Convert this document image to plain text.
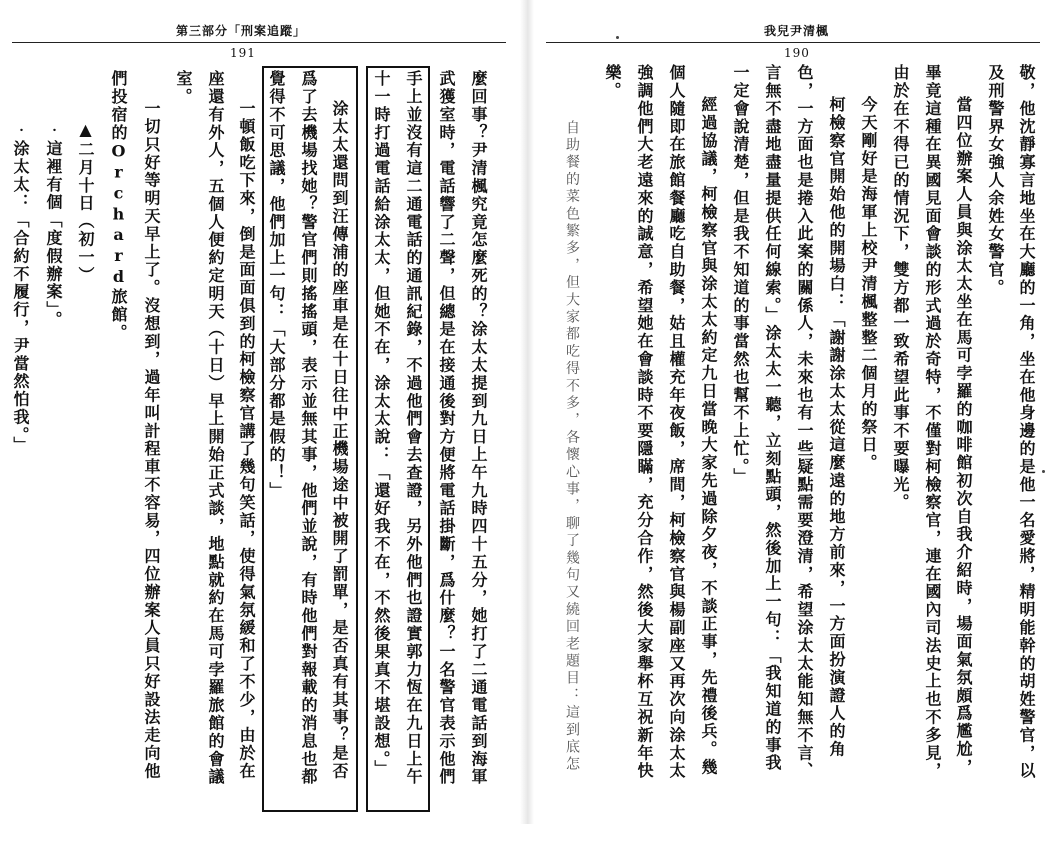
第三部分「刑案追蹤」
191
麼回事？尹清楓究竟怎麼死的？涂太太提到九日上午九時四十五分，她打了二通電話到海軍
武獲室時，電話響了二聲，但總是在接通後對方便將電話掛斷，爲什麼？一名警官表示他們
手上並沒有這二通電話的通訊紀錄，不過他們會去查證，另外他們也證實郭力恆在九日上午
十一時打過電話給涂太太，但她不在，涂太太說：「還好我不在，不然後果真不堪設想。」
涂太太還問到汪傳浦的座車是在十日往中正機場途中被開了罰單，是否真有其事？是否
爲了去機場找她？警官們則搖搖頭，表示並無其事，他們並說，有時他們對報載的消息也都
覺得不可思議，他們加上一句：「大部分都是假的！」
一頓飯吃下來，倒是面面俱到的柯檢察官講了幾句笑話，使得氣氛緩和了不少，由於在
座還有外人，五個人便約定明天（十日）早上開始正式談，地點就約在馬可孛羅旅館的會議
室。
一切只好等明天早上了。沒想到，過年叫計程車不容易，四位辦案人員只好設法走向他
們投宿的Orchard旅館。
▲二月十日（初一）
‧這裡有個「度假辦案」。
‧涂太太：「合約不履行，尹當然怕我。」
我兒尹清楓
190
敬，他沈靜寡言地坐在大廳的一角，坐在他身邊的是他一名愛將，精明能幹的胡姓警官，以
及刑警界女強人余姓女警官。
當四位辦案人員與涂太太坐在馬可孛羅的咖啡館初次自我介紹時，場面氣氛頗爲尷尬，
畢竟這種在異國見面會談的形式過於奇特，不僅對柯檢察官，連在國內司法史上也不多見，
由於在不得已的情況下，雙方都一致希望此事不要曝光。
今天剛好是海軍上校尹清楓整整二個月的祭日。
柯檢察官開始他的開場白：「謝謝涂太太從這麼遠的地方前來，一方面扮演證人的角
色，一方面也是捲入此案的關係人，未來也有一些疑點需要澄清，希望涂太太能知無不言、
言無不盡地盡量提供任何線索。」涂太太一聽，立刻點頭，然後加上一句：「我知道的事我
一定會說清楚，但是我不知道的事當然也幫不上忙。」
經過協議，柯檢察官與涂太太約定九日當晚大家先過除夕夜，不談正事，先禮後兵。幾
個人隨即在旅館餐廳吃自助餐，姑且權充年夜飯，席間，柯檢察官與楊副座又再次向涂太太
強調他們大老遠來的誠意，希望她在會談時不要隱瞞，充分合作，然後大家舉杯互祝新年快
樂。
自助餐的菜色繁多，但大家都吃得不多，各懷心事，聊了幾句又繞回老題目：這到底怎
